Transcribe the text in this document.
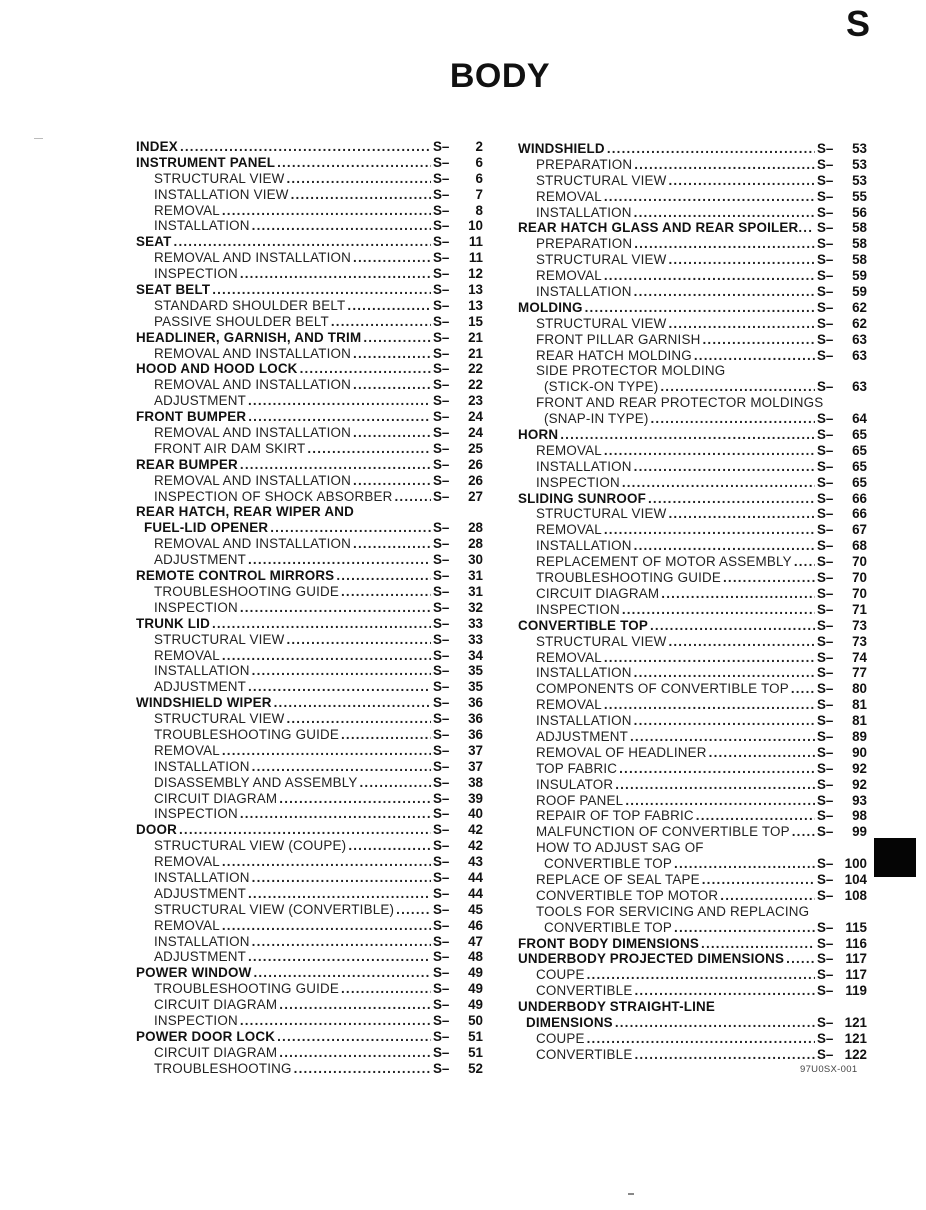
S
BODY
INDEX .....	S– 2
INSTRUMENT PANEL .....	S– 6
STRUCTURAL VIEW .....	S– 6
INSTALLATION VIEW .....	S– 7
REMOVAL .....	S– 8
INSTALLATION .....	S– 10
SEAT .....	S– 11
REMOVAL AND INSTALLATION .....	S– 11
INSPECTION .....	S– 12
SEAT BELT .....	S– 13
STANDARD SHOULDER BELT .....	S– 13
PASSIVE SHOULDER BELT .....	S– 15
HEADLINER, GARNISH, AND TRIM .....	S– 21
REMOVAL AND INSTALLATION .....	S– 21
HOOD AND HOOD LOCK .....	S– 22
REMOVAL AND INSTALLATION .....	S– 22
ADJUSTMENT .....	S– 23
FRONT BUMPER .....	S– 24
REMOVAL AND INSTALLATION .....	S– 24
FRONT AIR DAM SKIRT .....	S– 25
REAR BUMPER .....	S– 26
REMOVAL AND INSTALLATION .....	S– 26
INSPECTION OF SHOCK ABSORBER .....	S– 27
REAR HATCH, REAR WIPER AND
FUEL-LID OPENER .....	S– 28
REMOVAL AND INSTALLATION .....	S– 28
ADJUSTMENT .....	S– 30
REMOTE CONTROL MIRRORS .....	S– 31
TROUBLESHOOTING GUIDE .....	S– 31
INSPECTION .....	S– 32
TRUNK LID .....	S– 33
STRUCTURAL VIEW .....	S– 33
REMOVAL .....	S– 34
INSTALLATION .....	S– 35
ADJUSTMENT .....	S– 35
WINDSHIELD WIPER .....	S– 36
STRUCTURAL VIEW .....	S– 36
TROUBLESHOOTING GUIDE .....	S– 36
REMOVAL .....	S– 37
INSTALLATION .....	S– 37
DISASSEMBLY AND ASSEMBLY .....	S– 38
CIRCUIT DIAGRAM .....	S– 39
INSPECTION .....	S– 40
DOOR .....	S– 42
STRUCTURAL VIEW (COUPE) .....	S– 42
REMOVAL .....	S– 43
INSTALLATION .....	S– 44
ADJUSTMENT .....	S– 44
STRUCTURAL VIEW (CONVERTIBLE) .....	S– 45
REMOVAL .....	S– 46
INSTALLATION .....	S– 47
ADJUSTMENT .....	S– 48
POWER WINDOW .....	S– 49
TROUBLESHOOTING GUIDE .....	S– 49
CIRCUIT DIAGRAM .....	S– 49
INSPECTION .....	S– 50
POWER DOOR LOCK .....	S– 51
CIRCUIT DIAGRAM .....	S– 51
TROUBLESHOOTING .....	S– 52
WINDSHIELD .....	S– 53
PREPARATION .....	S– 53
STRUCTURAL VIEW .....	S– 53
REMOVAL .....	S– 55
INSTALLATION .....	S– 56
REAR HATCH GLASS AND REAR SPOILER ..... S– 58
PREPARATION .....	S– 58
STRUCTURAL VIEW .....	S– 58
REMOVAL .....	S– 59
INSTALLATION .....	S– 59
MOLDING .....	S– 62
STRUCTURAL VIEW .....	S– 62
FRONT PILLAR GARNISH .....	S– 63
REAR HATCH MOLDING .....	S– 63
SIDE PROTECTOR MOLDING
(STICK-ON TYPE) .....	S– 63
FRONT AND REAR PROTECTOR MOLDINGS
(SNAP-IN TYPE) .....	S– 64
HORN .....	S– 65
REMOVAL .....	S– 65
INSTALLATION .....	S– 65
INSPECTION .....	S– 65
SLIDING SUNROOF .....	S– 66
STRUCTURAL VIEW .....	S– 66
REMOVAL .....	S– 67
INSTALLATION .....	S– 68
REPLACEMENT OF MOTOR ASSEMBLY ..... S– 70
TROUBLESHOOTING GUIDE .....	S– 70
CIRCUIT DIAGRAM .....	S– 70
INSPECTION .....	S– 71
CONVERTIBLE TOP .....	S– 73
STRUCTURAL VIEW .....	S– 73
REMOVAL .....	S– 74
INSTALLATION .....	S– 77
COMPONENTS OF CONVERTIBLE TOP ..... S– 80
REMOVAL .....	S– 81
INSTALLATION .....	S– 81
ADJUSTMENT .....	S– 89
REMOVAL OF HEADLINER .....	S– 90
TOP FABRIC .....	S– 92
INSULATOR .....	S– 92
ROOF PANEL .....	S– 93
REPAIR OF TOP FABRIC .....	S– 98
MALFUNCTION OF CONVERTIBLE TOP ..... S– 99
HOW TO ADJUST SAG OF
CONVERTIBLE TOP .....	S– 100
REPLACE OF SEAL TAPE .....	S– 104
CONVERTIBLE TOP MOTOR .....	S– 108
TOOLS FOR SERVICING AND REPLACING
CONVERTIBLE TOP .....	S– 115
FRONT BODY DIMENSIONS .....	S– 116
UNDERBODY PROJECTED DIMENSIONS ..... S– 117
COUPE .....	S– 117
CONVERTIBLE .....	S– 119
UNDERBODY STRAIGHT-LINE
DIMENSIONS .....	S– 121
COUPE .....	S– 121
CONVERTIBLE .....	S– 122
97U0SX-001
